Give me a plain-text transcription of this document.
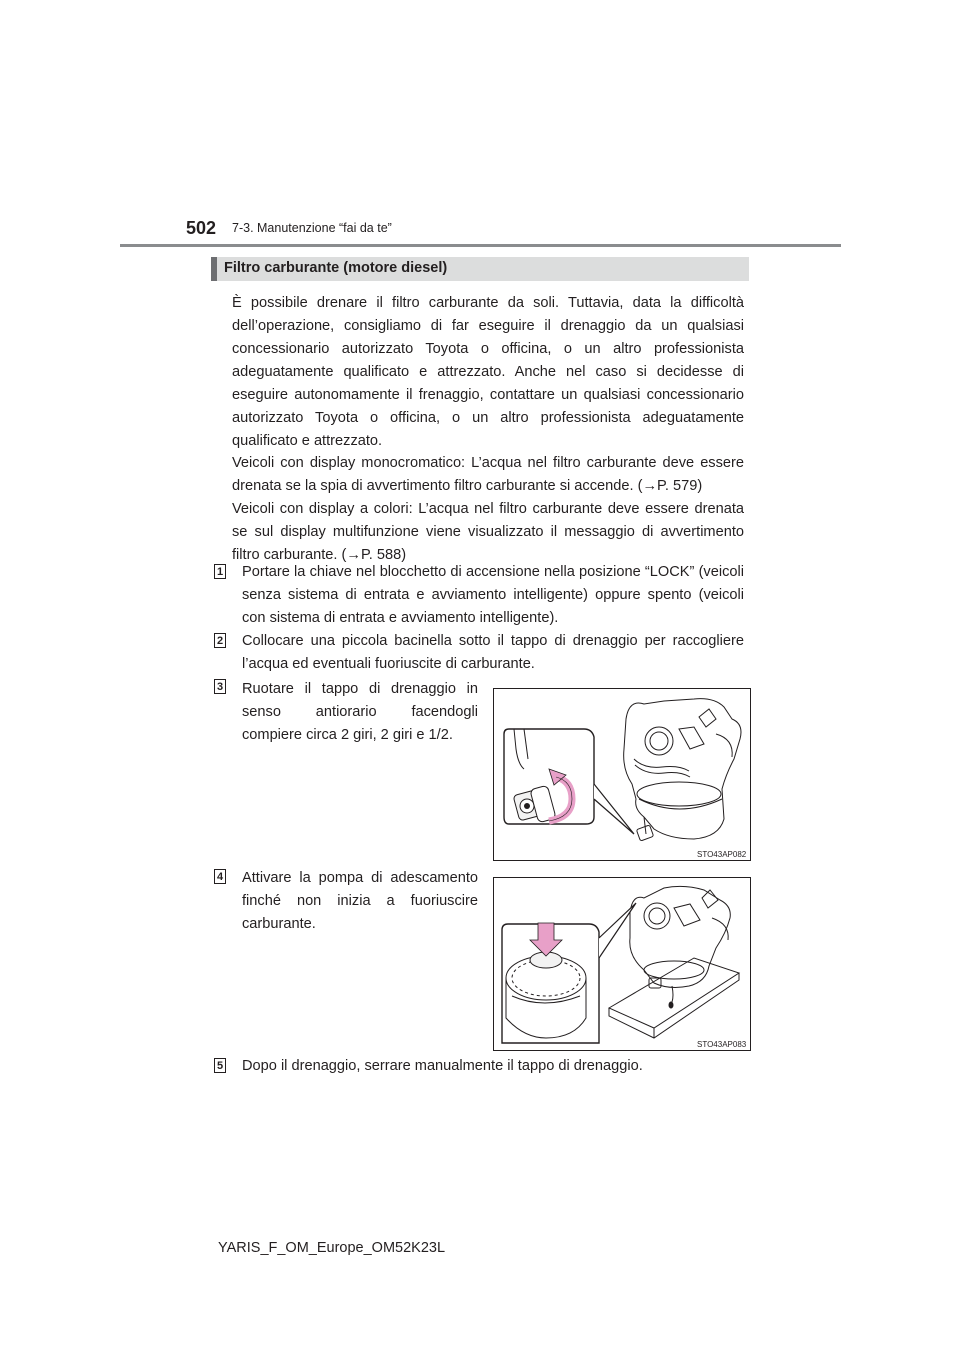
502 7-3. Manutenzione “fai da te”
Filtro carburante (motore diesel)
È possibile drenare il filtro carburante da soli. Tuttavia, data la difficoltà dell’operazione, consigliamo di far eseguire il drenaggio da un qualsiasi concessionario autorizzato Toyota o officina, o un altro professionista adeguatamente qualificato e attrezzato. Anche nel caso si decidesse di eseguire autonomamente il frenaggio, contattare un qualsiasi concessionario autorizzato Toyota o officina, o un altro professionista adeguatamente qualificato e attrezzato.
Veicoli con display monocromatico: L’acqua nel filtro carburante deve essere drenata se la spia di avvertimento filtro carburante si accende. (→P. 579)
Veicoli con display a colori: L’acqua nel filtro carburante deve essere drenata se sul display multifunzione viene visualizzato il messaggio di avvertimento filtro carburante. (→P. 588)
1 Portare la chiave nel blocchetto di accensione nella posizione “LOCK” (veicoli senza sistema di entrata e avviamento intelligente) oppure spento (veicoli con sistema di entrata e avviamento intelligente).
2 Collocare una piccola bacinella sotto il tappo di drenaggio per raccogliere l’acqua ed eventuali fuoriuscite di carburante.
3 Ruotare il tappo di drenaggio in senso antiorario facendogli compiere circa 2 giri, 2 giri e 1/2.
STO43AP082
4 Attivare la pompa di adescamento finché non inizia a fuoriuscire carburante.
STO43AP083
5 Dopo il drenaggio, serrare manualmente il tappo di drenaggio.
YARIS_F_OM_Europe_OM52K23L
